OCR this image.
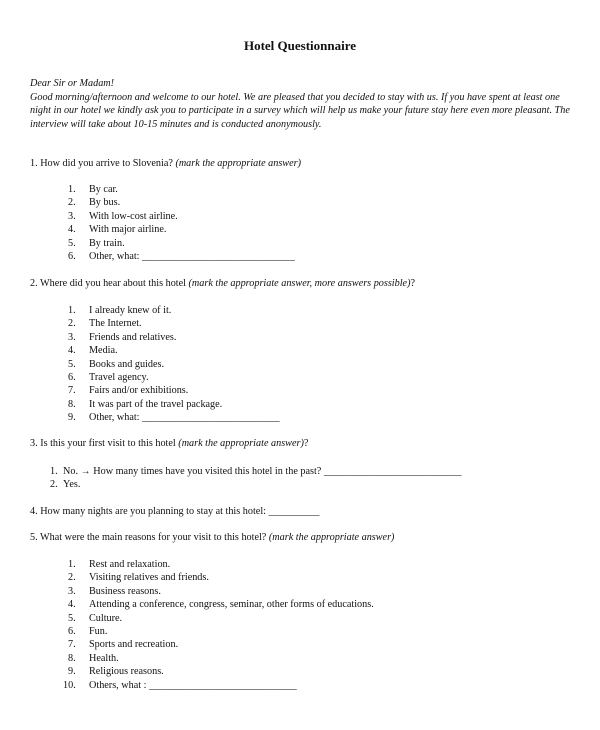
Hotel Questionnaire

Dear Sir or Madam!

Good morning/afternoon and welcome to our hotel. We are pleased that you decided to stay with us. If you have spent at least one night in our hotel we kindly ask you to participate in a survey which will help us make your future stay here even more pleasant. The interview will take about 10-15 minutes and is conducted anonymously.

1. How did you arrive to Slovenia? (mark the appropriate answer)
1. By car.
2. By bus.
3. With low-cost airline.
4. With major airline.
5. By train.
6. Other, what: ______________________________
2. Where did you hear about this hotel (mark the appropriate answer, more answers possible)?
1. I already knew of it.
2. The Internet.
3. Friends and relatives.
4. Media.
5. Books and guides.
6. Travel agency.
7. Fairs and/or exhibitions.
8. It was part of the travel package.
9. Other, what: ___________________________
3. Is this your first visit to this hotel (mark the appropriate answer)?
1. No. → How many times have you visited this hotel in the past? ___________________________
2. Yes.
4. How many nights are you planning to stay at this hotel: __________
5. What were the main reasons for your visit to this hotel? (mark the appropriate answer)
1. Rest and relaxation.
2. Visiting relatives and friends.
3. Business reasons.
4. Attending a conference, congress, seminar, other forms of educations.
5. Culture.
6. Fun.
7. Sports and recreation.
8. Health.
9. Religious reasons.
10. Others, what : _____________________________
